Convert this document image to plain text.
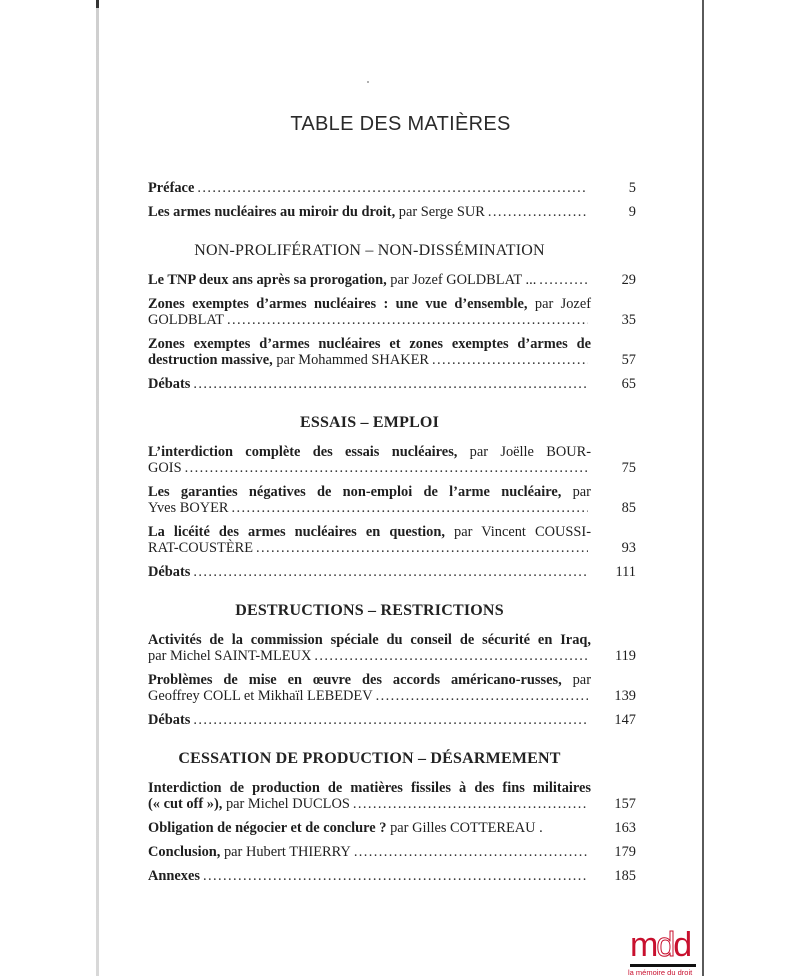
TABLE DES MATIÈRES
Préface .....	5
Les armes nucléaires au miroir du droit, par Serge SUR .....	9
NON-PROLIFÉRATION – NON-DISSÉMINATION
Le TNP deux ans après sa prorogation, par Jozef GOLDBLAT ... .....	29
Zones exemptes d’armes nucléaires : une vue d’ensemble, par Jozef
GOLDBLAT .....	35
Zones exemptes d’armes nucléaires et zones exemptes d’armes de
destruction massive, par Mohammed SHAKER .....	57
Débats .....	65
ESSAIS – EMPLOI
L’interdiction complète des essais nucléaires, par Joëlle BOUR-
GOIS .....	75
Les garanties négatives de non-emploi de l’arme nucléaire, par
Yves BOYER .....	85
La licéité des armes nucléaires en question, par Vincent COUSSI-
RAT-COUSTÈRE .....	93
Débats .....	111
DESTRUCTIONS – RESTRICTIONS
Activités de la commission spéciale du conseil de sécurité en Iraq,
par Michel SAINT-MLEUX .....	119
Problèmes de mise en œuvre des accords américano-russes, par
Geoffrey COLL et Mikhaïl LEBEDEV .....	139
Débats .....	147
CESSATION DE PRODUCTION – DÉSARMEMENT
Interdiction de production de matières fissiles à des fins militaires
(« cut off »), par Michel DUCLOS .....	157
Obligation de négocier et de conclure ? par Gilles COTTEREAU .	163
Conclusion, par Hubert THIERRY .....	179
Annexes .....	185
mdd
la mémoire du droit
